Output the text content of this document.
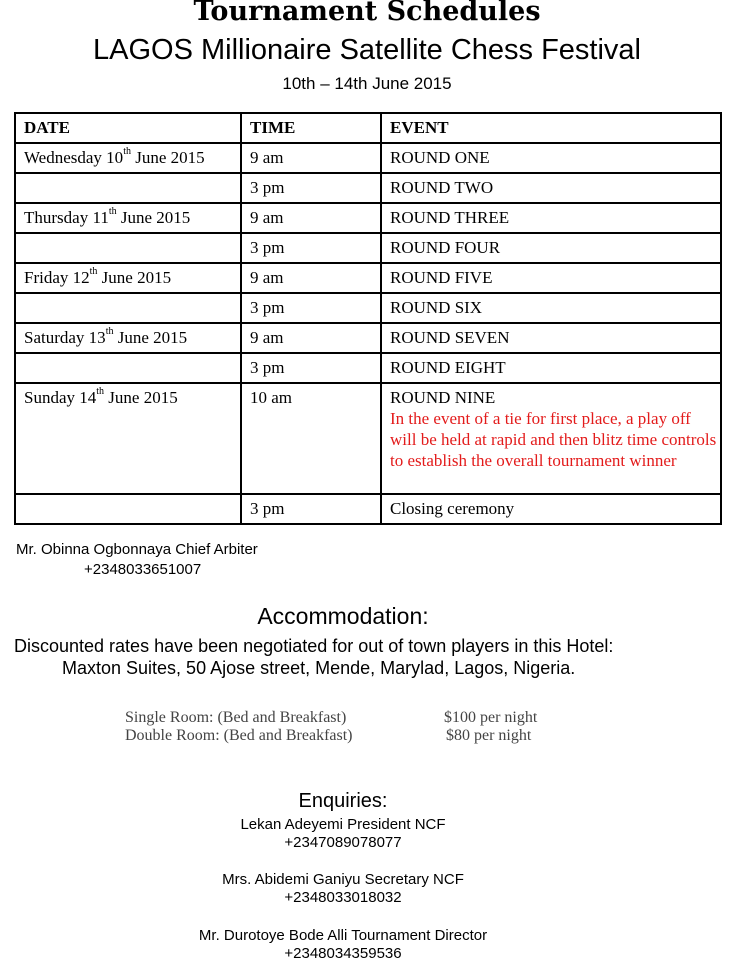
Tournament Schedules
LAGOS Millionaire Satellite Chess Festival
10th – 14th June 2015
DATE	TIME	EVENT
Wednesday 10th June 2015	9 am	ROUND ONE
	3 pm	ROUND TWO
Thursday 11th June 2015	9 am	ROUND THREE
	3 pm	ROUND FOUR
Friday 12th June 2015	9 am	ROUND FIVE
	3 pm	ROUND SIX
Saturday 13th June 2015	9 am	ROUND SEVEN
	3 pm	ROUND EIGHT
Sunday 14th June 2015	10 am	ROUND NINE
In the event of a tie for first place, a play off will be held at rapid and then blitz time controls to establish the overall tournament winner

	3 pm	Closing ceremony
Mr. Obinna Ogbonnaya Chief Arbiter
+2348033651007
Accommodation:
Discounted rates have been negotiated for out of town players in this Hotel:
Maxton Suites, 50 Ajose street, Mende, Marylad, Lagos, Nigeria.
Single Room: (Bed and Breakfast)	$100 per night
Double Room: (Bed and Breakfast)	$80 per night
Enquiries:
Lekan Adeyemi President NCF
+2347089078077
Mrs. Abidemi Ganiyu Secretary NCF
+2348033018032
Mr. Durotoye Bode Alli Tournament Director
+2348034359536
